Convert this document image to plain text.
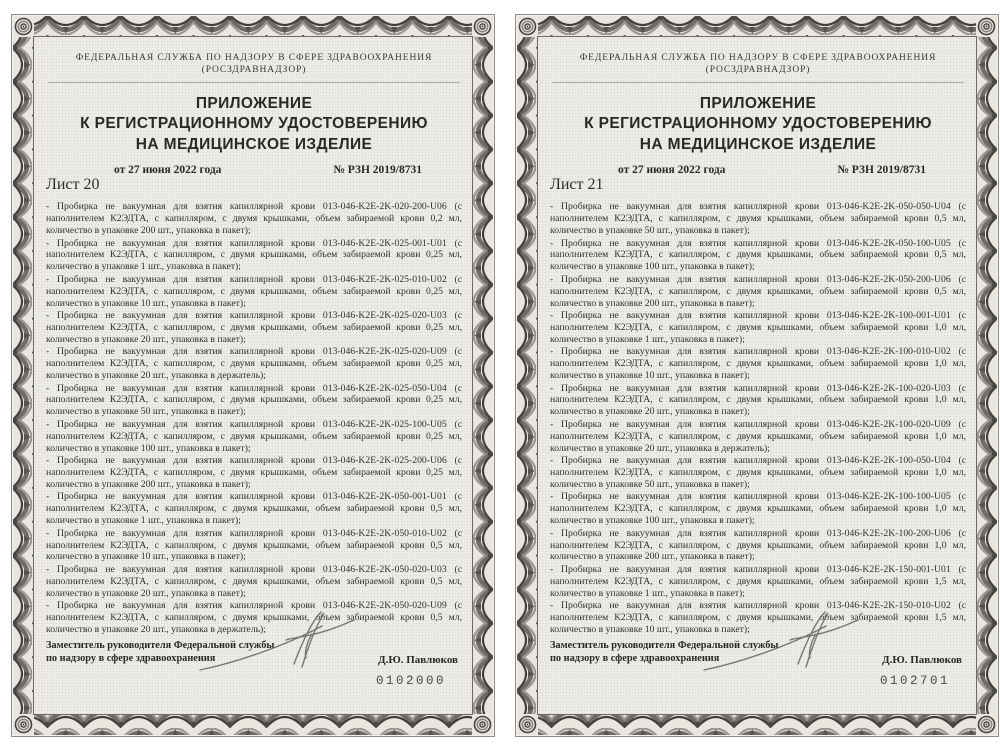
ФЕДЕРАЛЬНАЯ СЛУЖБА ПО НАДЗОРУ В СФЕРЕ ЗДРАВООХРАНЕНИЯ
(РОСЗДРАВНАДЗОР)
ПРИЛОЖЕНИЕ
К РЕГИСТРАЦИОННОМУ УДОСТОВЕРЕНИЮ
НА МЕДИЦИНСКОЕ ИЗДЕЛИЕ
от 27 июня 2022 года	№ РЗН 2019/8731
Лист 20
- Пробирка не вакуумная для взятия капиллярной крови 013-046-K2E-2K-020-200-U06 (с наполнителем К2ЭДТА, с капилляром, с двумя крышками, объем забираемой крови 0,2 мл, количество в упаковке 200 шт., упаковка в пакет);
- Пробирка не вакуумная для взятия капиллярной крови 013-046-K2E-2K-025-001-U01 (с наполнителем К2ЭДТА, с капилляром, с двумя крышками, объем забираемой крови 0,25 мл, количество в упаковке 1 шт., упаковка в пакет);
- Пробирка не вакуумная для взятия капиллярной крови 013-046-K2E-2K-025-010-U02 (с наполнителем К2ЭДТА, с капилляром, с двумя крышками, объем забираемой крови 0,25 мл, количество в упаковке 10 шт., упаковка в пакет);
- Пробирка не вакуумная для взятия капиллярной крови 013-046-K2E-2K-025-020-U03 (с наполнителем К2ЭДТА, с капилляром, с двумя крышками, объем забираемой крови 0,25 мл, количество в упаковке 20 шт., упаковка в пакет);
- Пробирка не вакуумная для взятия капиллярной крови 013-046-K2E-2K-025-020-U09 (с наполнителем К2ЭДТА, с капилляром, с двумя крышками, объем забираемой крови 0,25 мл, количество в упаковке 20 шт., упаковка в держатель);
- Пробирка не вакуумная для взятия капиллярной крови 013-046-K2E-2K-025-050-U04 (с наполнителем К2ЭДТА, с капилляром, с двумя крышками, объем забираемой крови 0,25 мл, количество в упаковке 50 шт., упаковка в пакет);
- Пробирка не вакуумная для взятия капиллярной крови 013-046-K2E-2K-025-100-U05 (с наполнителем К2ЭДТА, с капилляром, с двумя крышками, объем забираемой крови 0,25 мл, количество в упаковке 100 шт., упаковка в пакет);
- Пробирка не вакуумная для взятия капиллярной крови 013-046-K2E-2K-025-200-U06 (с наполнителем К2ЭДТА, с капилляром, с двумя крышками, объем забираемой крови 0,25 мл, количество в упаковке 200 шт., упаковка в пакет);
- Пробирка не вакуумная для взятия капиллярной крови 013-046-K2E-2K-050-001-U01 (с наполнителем К2ЭДТА, с капилляром, с двумя крышками, объем забираемой крови 0,5 мл, количество в упаковке 1 шт., упаковка в пакет);
- Пробирка не вакуумная для взятия капиллярной крови 013-046-K2E-2K-050-010-U02 (с наполнителем К2ЭДТА, с капилляром, с двумя крышками, объем забираемой крови 0,5 мл, количество в упаковке 10 шт., упаковка в пакет);
- Пробирка не вакуумная для взятия капиллярной крови 013-046-K2E-2K-050-020-U03 (с наполнителем К2ЭДТА, с капилляром, с двумя крышками, объем забираемой крови 0,5 мл, количество в упаковке 20 шт., упаковка в пакет);
- Пробирка не вакуумная для взятия капиллярной крови 013-046-K2E-2K-050-020-U09 (с наполнителем К2ЭДТА, с капилляром, с двумя крышками, объем забираемой крови 0,5 мл, количество в упаковке 20 шт., упаковка в держатель);
Заместитель руководителя Федеральной службы
по надзору в сфере здравоохранения	Д.Ю. Павлюков
0102000
ФЕДЕРАЛЬНАЯ СЛУЖБА ПО НАДЗОРУ В СФЕРЕ ЗДРАВООХРАНЕНИЯ
(РОСЗДРАВНАДЗОР)
ПРИЛОЖЕНИЕ
К РЕГИСТРАЦИОННОМУ УДОСТОВЕРЕНИЮ
НА МЕДИЦИНСКОЕ ИЗДЕЛИЕ
от 27 июня 2022 года	№ РЗН 2019/8731
Лист 21
- Пробирка не вакуумная для взятия капиллярной крови 013-046-K2E-2K-050-050-U04 (с наполнителем К2ЭДТА, с капилляром, с двумя крышками, объем забираемой крови 0,5 мл, количество в упаковке 50 шт., упаковка в пакет);
- Пробирка не вакуумная для взятия капиллярной крови 013-046-K2E-2K-050-100-U05 (с наполнителем К2ЭДТА, с капилляром, с двумя крышками, объем забираемой крови 0,5 мл, количество в упаковке 100 шт., упаковка в пакет);
- Пробирка не вакуумная для взятия капиллярной крови 013-046-K2E-2K-050-200-U06 (с наполнителем К2ЭДТА, с капилляром, с двумя крышками, объем забираемой крови 0,5 мл, количество в упаковке 200 шт., упаковка в пакет);
- Пробирка не вакуумная для взятия капиллярной крови 013-046-K2E-2K-100-001-U01 (с наполнителем К2ЭДТА, с капилляром, с двумя крышками, объем забираемой крови 1,0 мл, количество в упаковке 1 шт., упаковка в пакет);
- Пробирка не вакуумная для взятия капиллярной крови 013-046-K2E-2K-100-010-U02 (с наполнителем К2ЭДТА, с капилляром, с двумя крышками, объем забираемой крови 1,0 мл, количество в упаковке 10 шт., упаковка в пакет);
- Пробирка не вакуумная для взятия капиллярной крови 013-046-K2E-2K-100-020-U03 (с наполнителем К2ЭДТА, с капилляром, с двумя крышками, объем забираемой крови 1,0 мл, количество в упаковке 20 шт., упаковка в пакет);
- Пробирка не вакуумная для взятия капиллярной крови 013-046-K2E-2K-100-020-U09 (с наполнителем К2ЭДТА, с капилляром, с двумя крышками, объем забираемой крови 1,0 мл, количество в упаковке 20 шт., упаковка в держатель);
- Пробирка не вакуумная для взятия капиллярной крови 013-046-K2E-2K-100-050-U04 (с наполнителем К2ЭДТА, с капилляром, с двумя крышками, объем забираемой крови 1,0 мл, количество в упаковке 50 шт., упаковка в пакет);
- Пробирка не вакуумная для взятия капиллярной крови 013-046-K2E-2K-100-100-U05 (с наполнителем К2ЭДТА, с капилляром, с двумя крышками, объем забираемой крови 1,0 мл, количество в упаковке 100 шт., упаковка в пакет);
- Пробирка не вакуумная для взятия капиллярной крови 013-046-K2E-2K-100-200-U06 (с наполнителем К2ЭДТА, с капилляром, с двумя крышками, объем забираемой крови 1,0 мл, количество в упаковке 200 шт., упаковка в пакет);
- Пробирка не вакуумная для взятия капиллярной крови 013-046-K2E-2K-150-001-U01 (с наполнителем К2ЭДТА, с капилляром, с двумя крышками, объем забираемой крови 1,5 мл, количество в упаковке 1 шт., упаковка в пакет);
- Пробирка не вакуумная для взятия капиллярной крови 013-046-K2E-2K-150-010-U02 (с наполнителем К2ЭДТА, с капилляром, с двумя крышками, объем забираемой крови 1,5 мл, количество в упаковке 10 шт., упаковка в пакет);
Заместитель руководителя Федеральной службы
по надзору в сфере здравоохранения	Д.Ю. Павлюков
0102701
